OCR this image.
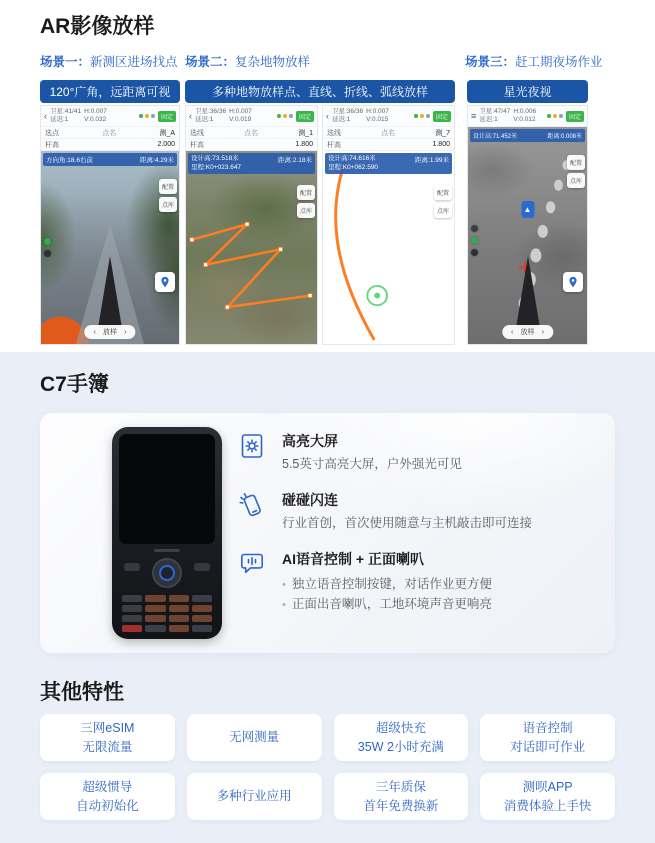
AR影像放样
场景一：新测区进场找点 场景二：复杂地物放样	场景三：赶工期夜场作业
120°广角，远距离可视	多种地物放样点、直线、折线、弧线放样	星光夜视
‹ 卫星:41/41
延迟:1
H:0.007
V:0.032	固定
选点	点名	测_A
杆高	2.000
方向角:18.6右前	距离:4.29米
配置
点库
‹ 放样 ›
‹ 卫星:36/36
延迟:1
H:0.007
V:0.019	固定
选线	点名	测_1
杆高	1.800
设计高:73.518米
里程:K0+023.647
距离:2.18米
配置
点库
‹ 卫星:36/36
延迟:1
H:0.007
V:0.015	固定
选线	点名	测_7
杆高	1.800
设计高:74.616米
里程:K0+062.590
距离:1.99米
配置
点库
≡ 卫星:47/47
延迟:1
H:0.006
V:0.012	固定
设计高:71.452米	距离:0.008米
配置
点库
▲
‹ 放样 ›
C7手簿
高亮大屏
5.5英寸高亮大屏，户外强光可见
碰碰闪连
行业首创，首次使用随意与主机敲击即可连接
AI语音控制 + 正面喇叭
• 独立语音控制按键，对话作业更方便
• 正面出音喇叭，工地环境声音更响亮
其他特性
三网eSIM
无限流量
无网测量
超级快充
35W 2小时充满
语音控制
对话即可作业
超级惯导
自动初始化
多种行业应用
三年质保
首年免费换新
测呗APP
消费体验上手快
